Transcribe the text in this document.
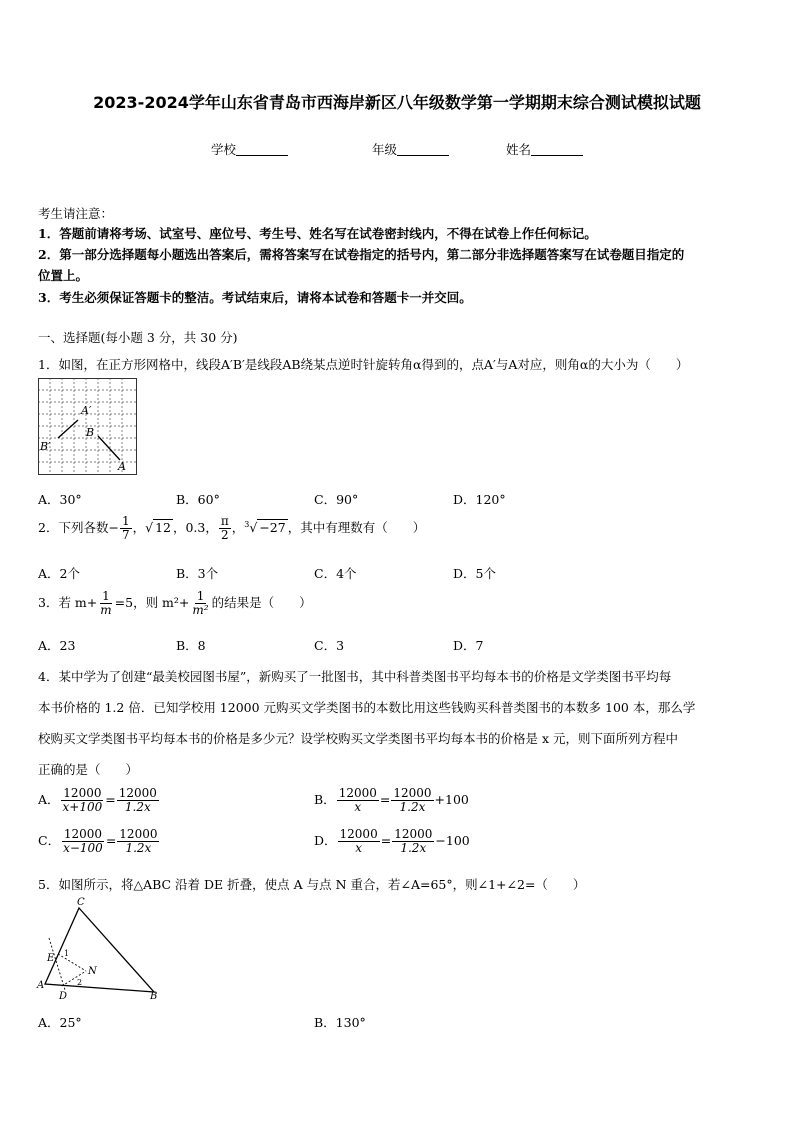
2023-2024学年山东省青岛市西海岸新区八年级数学第一学期期末综合测试模拟试题
学校	年级	姓名
考生请注意：
1．答题前请将考场、试室号、座位号、考生号、姓名写在试卷密封线内，不得在试卷上作任何标记。
2．第一部分选择题每小题选出答案后，需将答案写在试卷指定的括号内，第二部分非选择题答案写在试卷题目指定的
位置上。
3．考生必须保证答题卡的整洁。考试结束后，请将本试卷和答题卡一并交回。
一、选择题(每小题 3 分，共 30 分)
1．如图，在正方形网格中，线段A′B′是线段AB绕某点逆时针旋转角α得到的，点A′与A对应，则角α的大小为（　　）
A′
B
B′
A
A．30°	B．60°	C．90°	D．120°
2．下列各数− $\frac{1}{7}$ ，√ 12 ，0.3， $\frac{\pi}{2}$ ，$^3$√ −27 ，其中有理数有（　　）
A．2个	B．3个	C．4个	D．5个
3．若 $m+ \frac{1}{m} =5$，则 $m^2+ \frac{1}{\text{m²}}$ 的结果是（　　）
A．23	B．8	C．3	D．7
4．某中学为了创建“最美校园图书屋”，新购买了一批图书，其中科普类图书平均每本书的价格是文学类图书平均每
本书价格的 1.2 倍．已知学校用 12000 元购买文学类图书的本数比用这些钱购买科普类图书的本数多 100 本，那么学
校购买文学类图书平均每本书的价格是多少元？设学校购买文学类图书平均每本书的价格是 x 元，则下面所列方程中
正确的是（　　）
A． $\frac{12000}{x+100} = \frac{12000}{1.2x}$	B． $\frac{12000}{x} = \frac{12000}{1.2x} +100$
C． $\frac{12000}{x-100} = \frac{12000}{1.2x}$	D． $\frac{12000}{x} = \frac{12000}{1.2x} -100$
5．如图所示，将△ABC 沿着 DE 折叠，使点 A 与点 N 重合，若∠A=65°，则∠1+∠2=（　　）
C
E 1
N
2
A
D	B
A．25°	B．130°
